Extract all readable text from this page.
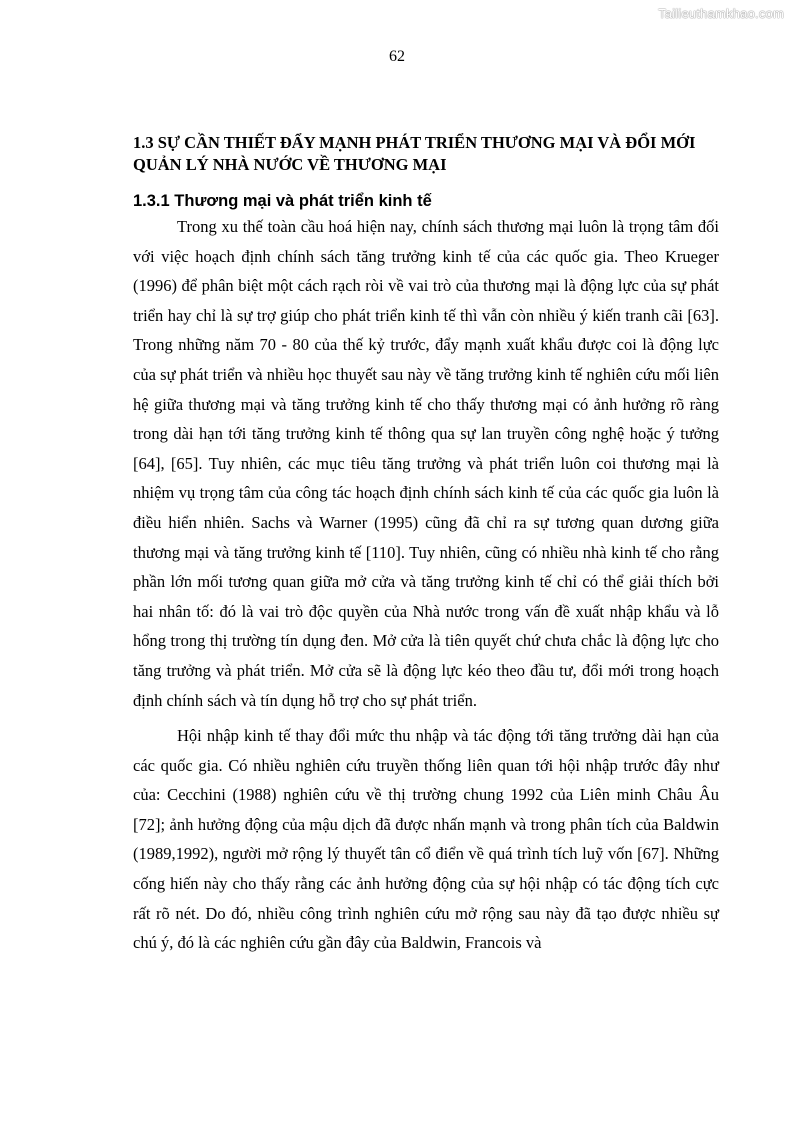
Tailieuthamkhao.com
62
1.3 SỰ CẦN THIẾT ĐẨY MẠNH PHÁT TRIỂN THƯƠNG MẠI VÀ ĐỔI MỚI QUẢN LÝ NHÀ NƯỚC VỀ THƯƠNG MẠI
1.3.1 Thương mại và phát triển kinh tế

Trong xu thế toàn cầu hoá hiện nay, chính sách thương mại luôn là trọng tâm đối với việc hoạch định chính sách tăng trưởng kinh tế của các quốc gia. Theo Krueger (1996) để phân biệt một cách rạch ròi về vai trò của thương mại là động lực của sự phát triển hay chỉ là sự trợ giúp cho phát triển kinh tế thì vẫn còn nhiều ý kiến tranh cãi [63]. Trong những năm 70 - 80 của thế kỷ trước, đẩy mạnh xuất khẩu được coi là động lực của sự phát triển và nhiều học thuyết sau này về tăng trưởng kinh tế nghiên cứu mối liên hệ giữa thương mại và tăng trưởng kinh tế cho thấy thương mại có ảnh hưởng rõ ràng trong dài hạn tới tăng trưởng kinh tế thông qua sự lan truyền công nghệ hoặc ý tưởng [64], [65]. Tuy nhiên, các mục tiêu tăng trưởng và phát triển luôn coi thương mại là nhiệm vụ trọng tâm của công tác hoạch định chính sách kinh tế của các quốc gia luôn là điều hiển nhiên. Sachs và Warner (1995) cũng đã chỉ ra sự tương quan dương giữa thương mại và tăng trưởng kinh tế [110]. Tuy nhiên, cũng có nhiều nhà kinh tế cho rằng phần lớn mối tương quan giữa mở cửa và tăng trưởng kinh tế chỉ có thể giải thích bởi hai nhân tố: đó là vai trò độc quyền của Nhà nước trong vấn đề xuất nhập khẩu và lỗ hổng trong thị trường tín dụng đen. Mở cửa là tiên quyết chứ chưa chắc là động lực cho tăng trưởng và phát triển. Mở cửa sẽ là động lực kéo theo đầu tư, đổi mới trong hoạch định chính sách và tín dụng hỗ trợ cho sự phát triển.

Hội nhập kinh tế thay đổi mức thu nhập và tác động tới tăng trưởng dài hạn của các quốc gia. Có nhiều nghiên cứu truyền thống liên quan tới hội nhập trước đây như của: Cecchini (1988) nghiên cứu về thị trường chung 1992 của Liên minh Châu Âu [72]; ảnh hưởng động của mậu dịch đã được nhấn mạnh và trong phân tích của Baldwin (1989,1992), người mở rộng lý thuyết tân cổ điển về quá trình tích luỹ vốn [67]. Những cống hiến này cho thấy rằng các ảnh hưởng động của sự hội nhập có tác động tích cực rất rõ nét. Do đó, nhiều công trình nghiên cứu mở rộng sau này đã tạo được nhiều sự chú ý, đó là các nghiên cứu gần đây của Baldwin, Francois và
